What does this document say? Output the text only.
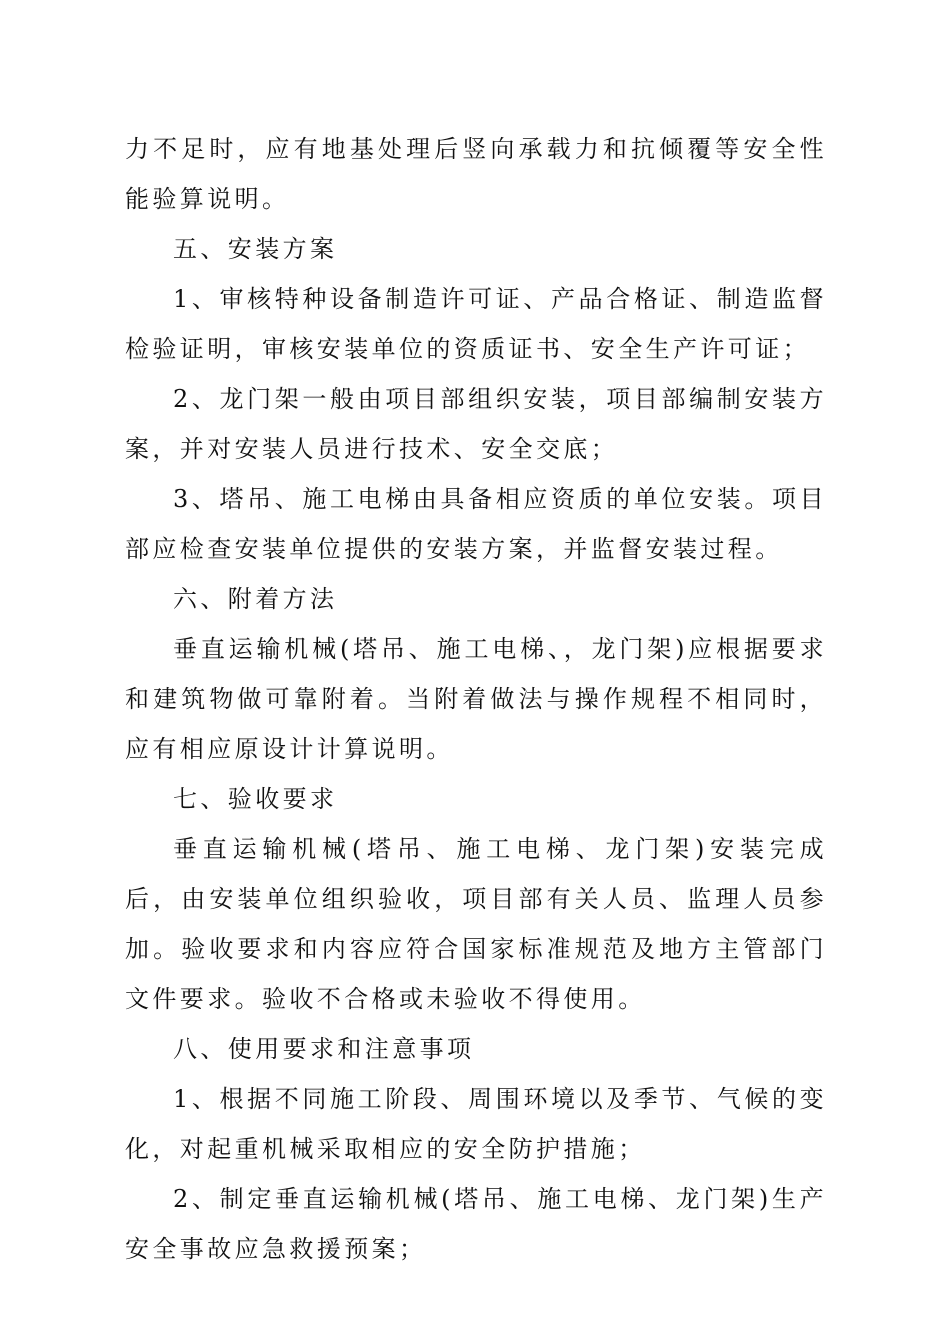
力不足时，应有地基处理后竖向承载力和抗倾覆等安全性能验算说明。

五、安装方案

1、审核特种设备制造许可证、产品合格证、制造监督检验证明，审核安装单位的资质证书、安全生产许可证；

2、龙门架一般由项目部组织安装，项目部编制安装方案，并对安装人员进行技术、安全交底；

3、塔吊、施工电梯由具备相应资质的单位安装。项目部应检查安装单位提供的安装方案，并监督安装过程。

六、附着方法

垂直运输机械(塔吊、施工电梯、，龙门架)应根据要求和建筑物做可靠附着。当附着做法与操作规程不相同时，应有相应原设计计算说明。

七、验收要求

垂直运输机械(塔吊、施工电梯、龙门架)安装完成后，由安装单位组织验收，项目部有关人员、监理人员参加。验收要求和内容应符合国家标准规范及地方主管部门文件要求。验收不合格或未验收不得使用。

八、使用要求和注意事项

1、根据不同施工阶段、周围环境以及季节、气候的变化，对起重机械采取相应的安全防护措施；

2、制定垂直运输机械(塔吊、施工电梯、龙门架)生产安全事故应急救援预案；
